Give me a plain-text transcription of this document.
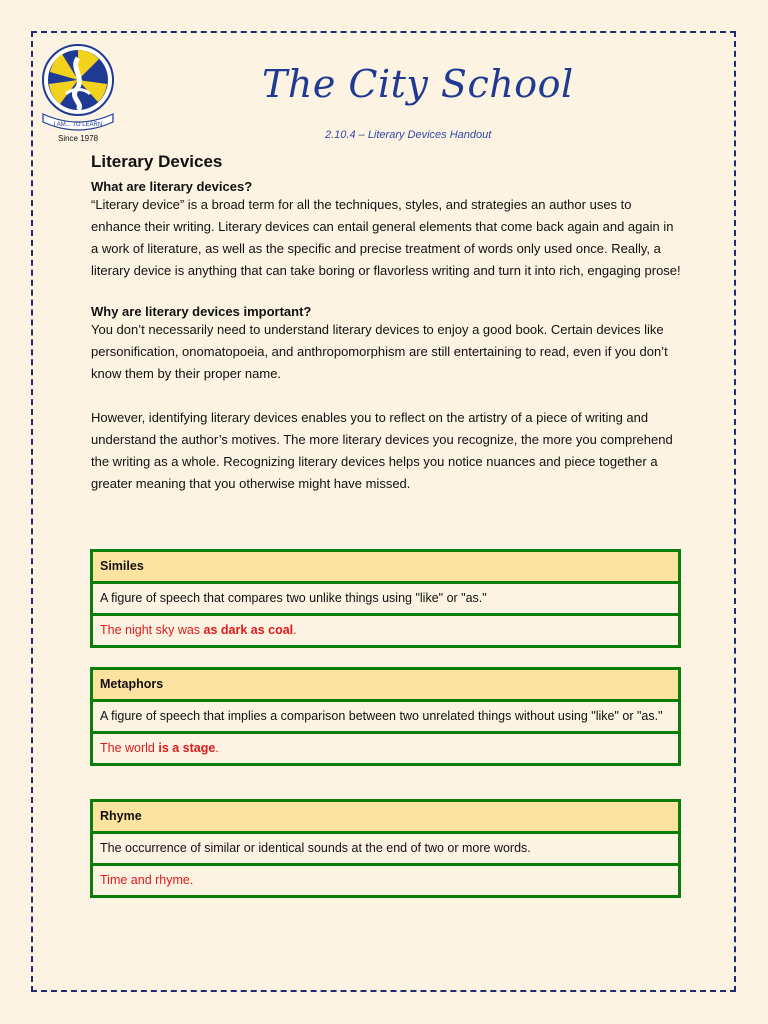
I AM... TO LEARN
Since 1978
The City School
2.10.4 – Literary Devices Handout
Literary Devices
What are literary devices?

“Literary device” is a broad term for all the techniques, styles, and strategies an author uses to enhance their writing. Literary devices can entail general elements that come back again and again in a work of literature, as well as the specific and precise treatment of words only used once. Really, a literary device is anything that can take boring or flavorless writing and turn it into rich, engaging prose!

Why are literary devices important?

You don’t necessarily need to understand literary devices to enjoy a good book. Certain devices like personification, onomatopoeia, and anthropomorphism are still entertaining to read, even if you don’t know them by their proper name.

However, identifying literary devices enables you to reflect on the artistry of a piece of writing and understand the author’s motives. The more literary devices you recognize, the more you comprehend the writing as a whole. Recognizing literary devices helps you notice nuances and piece together a greater meaning that you otherwise might have missed.

Similes
A figure of speech that compares two unlike things using "like" or "as."
The night sky was as dark as coal.
Metaphors
A figure of speech that implies a comparison between two unrelated things without using "like" or "as."
The world is a stage.
Rhyme
The occurrence of similar or identical sounds at the end of two or more words.
Time and rhyme.
